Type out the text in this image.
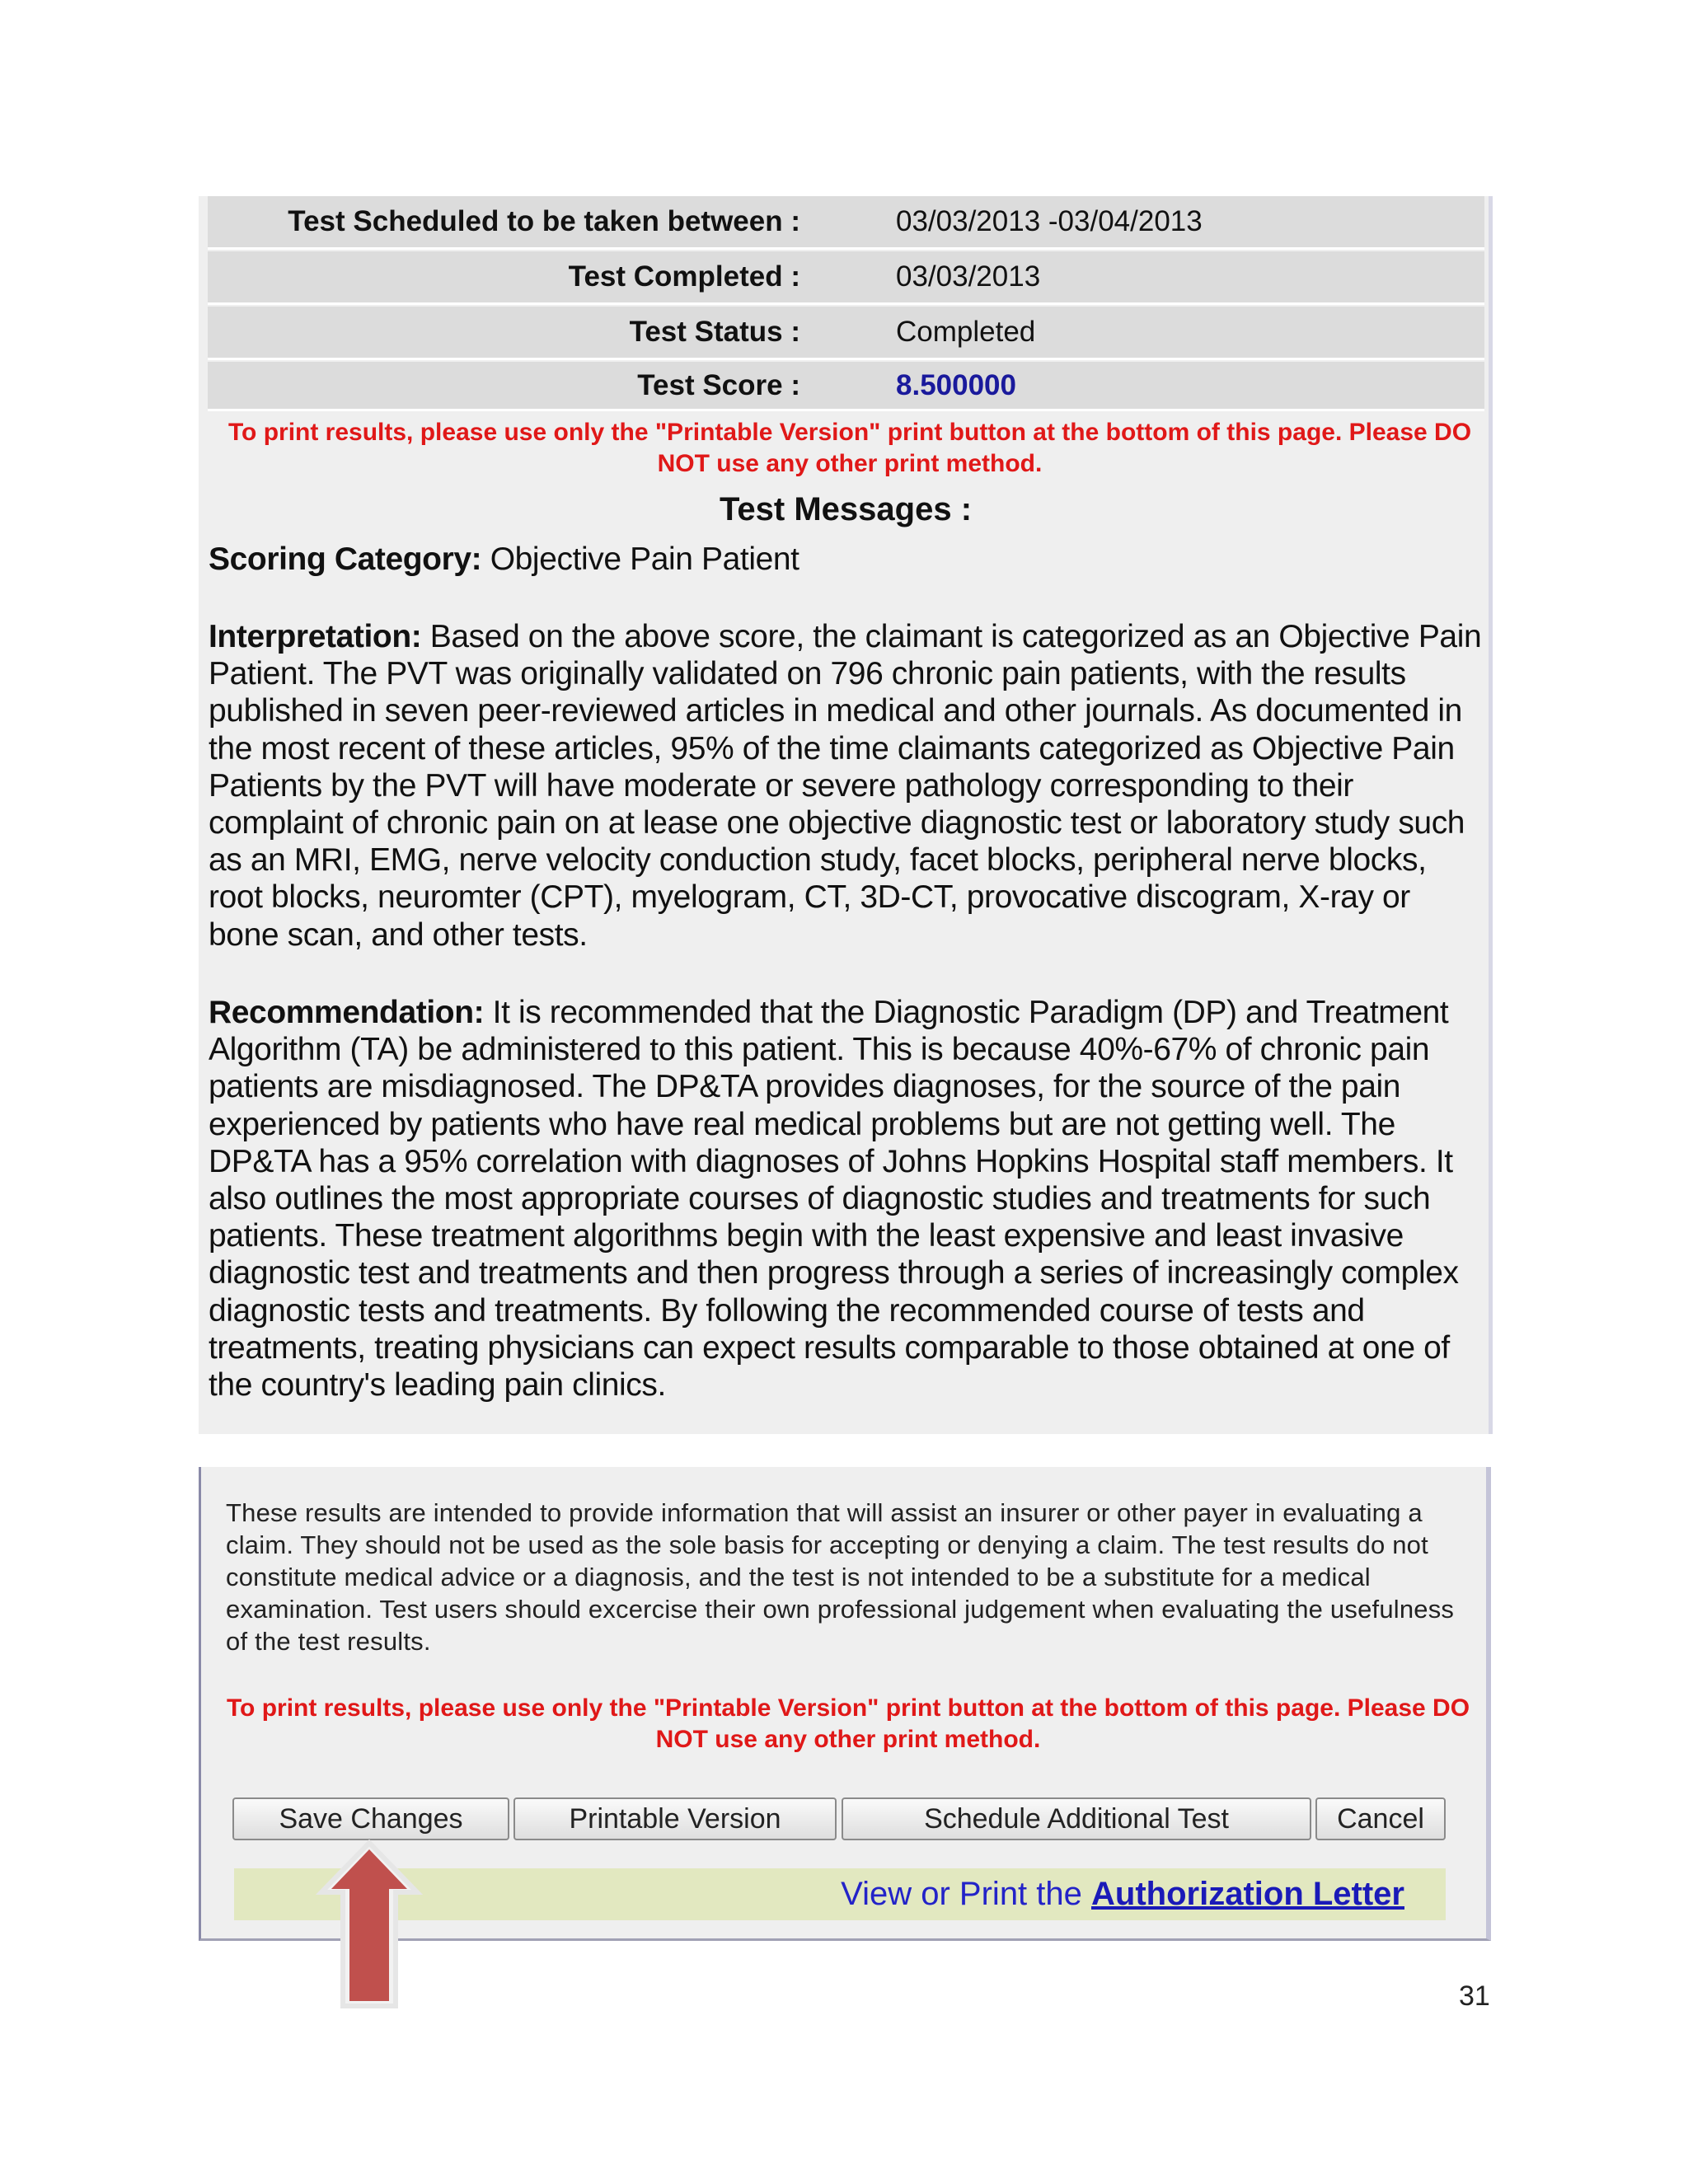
Test Scheduled to be taken between :	03/03/2013 -03/04/2013
Test Completed :	03/03/2013
Test Status :	Completed
Test Score :	8.500000
To print results, please use only the "Printable Version" print button at the bottom of this page. Please DO NOT use any other print method.
Test Messages :
Scoring Category: Objective Pain Patient
Interpretation: Based on the above score, the claimant is categorized as an Objective Pain Patient. The PVT was originally validated on 796 chronic pain patients, with the results published in seven peer-reviewed articles in medical and other journals. As documented in the most recent of these articles, 95% of the time claimants categorized as Objective Pain Patients by the PVT will have moderate or severe pathology corresponding to their complaint of chronic pain on at lease one objective diagnostic test or laboratory study such as an MRI, EMG, nerve velocity conduction study, facet blocks, peripheral nerve blocks, root blocks, neuromter (CPT), myelogram, CT, 3D-CT, provocative discogram, X-ray or bone scan, and other tests.
Recommendation: It is recommended that the Diagnostic Paradigm (DP) and Treatment Algorithm (TA) be administered to this patient. This is because 40%-67% of chronic pain patients are misdiagnosed. The DP&TA provides diagnoses, for the source of the pain experienced by patients who have real medical problems but are not getting well. The DP&TA has a 95% correlation with diagnoses of Johns Hopkins Hospital staff members. It also outlines the most appropriate courses of diagnostic studies and treatments for such patients. These treatment algorithms begin with the least expensive and least invasive diagnostic test and treatments and then progress through a series of increasingly complex diagnostic tests and treatments. By following the recommended course of tests and treatments, treating physicians can expect results comparable to those obtained at one of the country's leading pain clinics.
These results are intended to provide information that will assist an insurer or other payer in evaluating a claim. They should not be used as the sole basis for accepting or denying a claim. The test results do not constitute medical advice or a diagnosis, and the test is not intended to be a substitute for a medical examination. Test users should excercise their own professional judgement when evaluating the usefulness of the test results.
To print results, please use only the "Printable Version" print button at the bottom of this page. Please DO NOT use any other print method.
Save Changes	Printable Version	Schedule Additional Test	Cancel
View or Print the Authorization Letter
31
